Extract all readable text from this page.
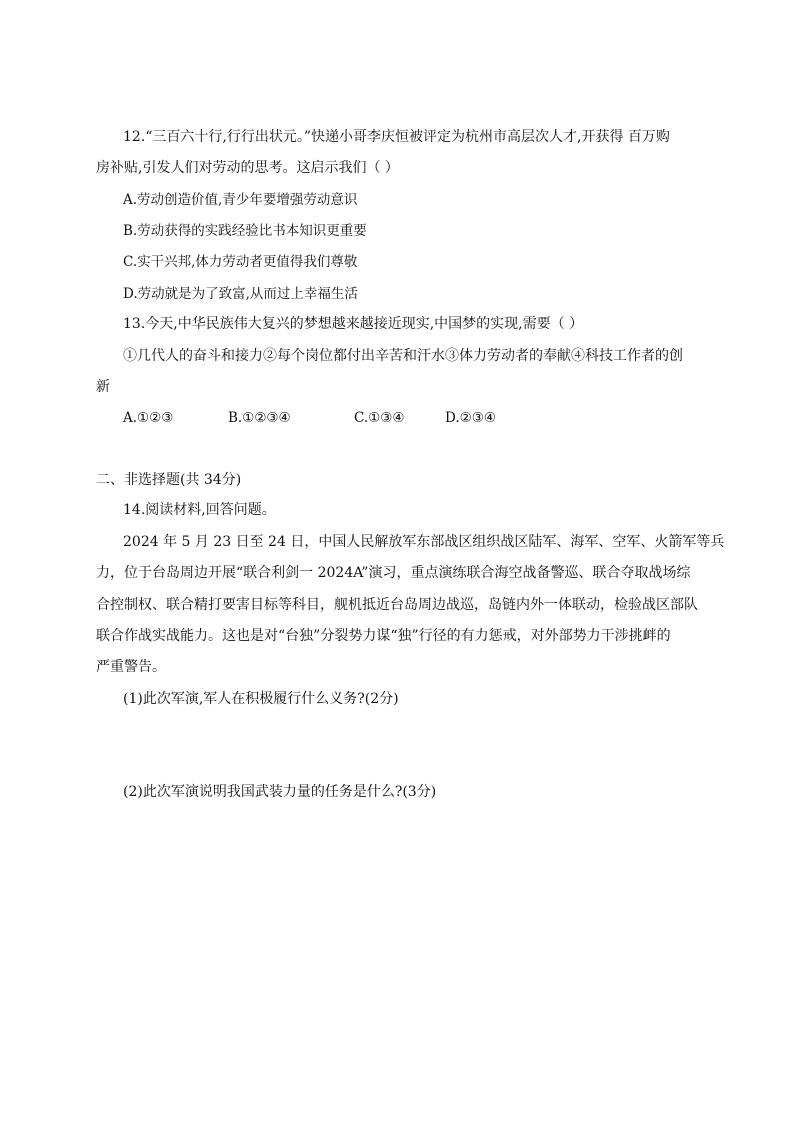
12.“三百六十行,行行出状元。”快递小哥李庆恒被评定为杭州市高层次人才,开获得 百万购
房补贴,引发人们对劳动的思考。这启示我们（ ）
A.劳动创造价值,青少年要增强劳动意识
B.劳动获得的实践经验比书本知识更重要
C.实干兴邦,体力劳动者更值得我们尊敬
D.劳动就是为了致富,从而过上幸福生活
13.今天,中华民族伟大复兴的梦想越来越接近现实,中国梦的实现,需要（ ）
①几代人的奋斗和接力②每个岗位都付出辛苦和汗水③体力劳动者的奉献④科技工作者的创
新
A.①②③	B.①②③④	C.①③④	D.②③④
二、非选择题(共 34分)
14.阅读材料,回答问题。
2024 年 5 月 23 日至 24 日，中国人民解放军东部战区组织战区陆军、海军、空军、火箭军等兵
力，位于台岛周边开展“联合利剑一 2024A”演习，重点演练联合海空战备警巡、联合夺取战场综
合控制权、联合精打要害目标等科目，舰机抵近台岛周边战巡，岛链内外一体联动，检验战区部队
联合作战实战能力。这也是对“台独”分裂势力谋“独”行径的有力惩戒，对外部势力干涉挑衅的
严重警告。
(1)此次军演,军人在积极履行什么义务?(2分)
(2)此次军演说明我国武装力量的任务是什么?(3分)
